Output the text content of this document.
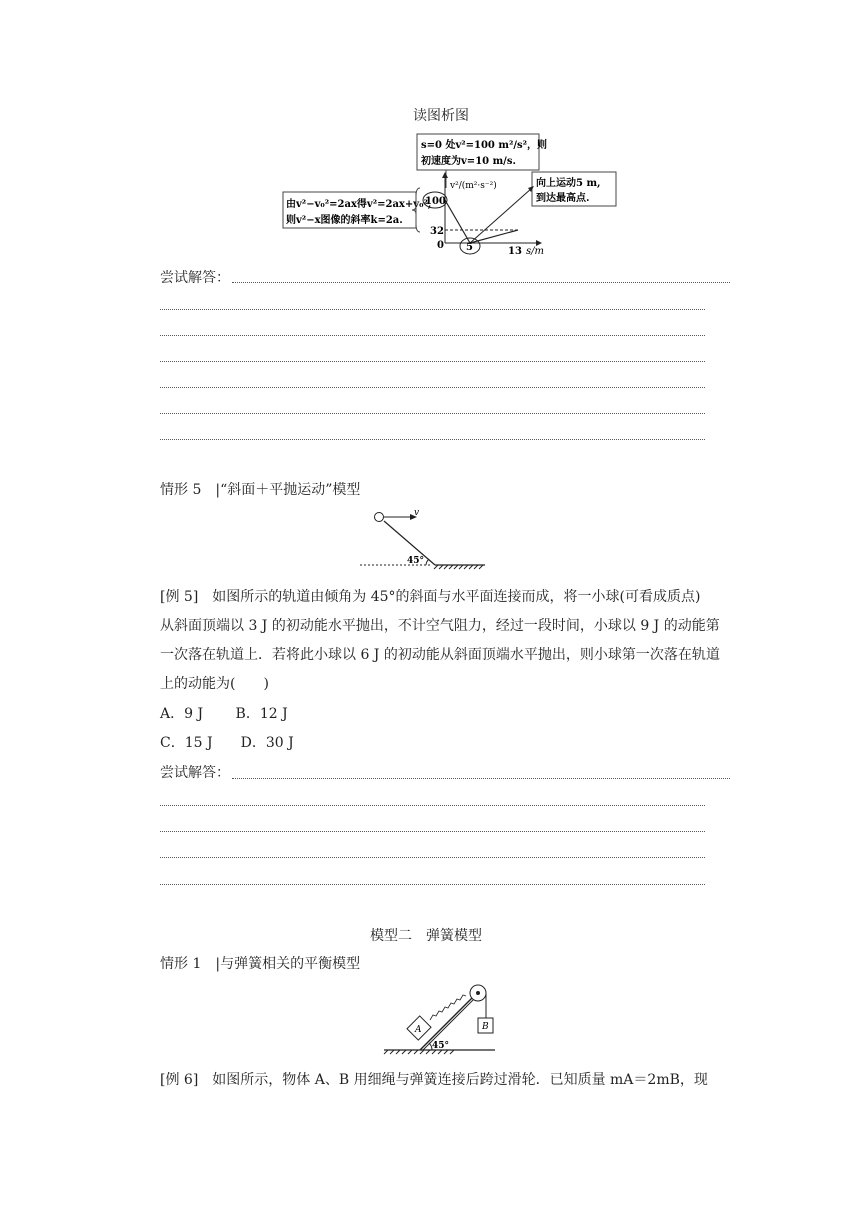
读图析图
s=0 处v²=100 m²/s²，则
初速度为v=10 m/s.
由v²−v₀²=2ax得v²=2ax+v₀²,
则v²−x图像的斜率k=2a.
向上运动5 m,
到达最高点.
v²/(m²·s⁻²)
s/m
100
32
0 5	13
尝试解答：
情形 5　|“斜面＋平抛运动”模型
v
45°
[例 5]　如图所示的轨道由倾角为 45°的斜面与水平面连接而成，将一小球(可看成质点)
从斜面顶端以 3 J 的初动能水平抛出，不计空气阻力，经过一段时间，小球以 9 J 的动能第
一次落在轨道上．若将此小球以 6 J 的初动能从斜面顶端水平抛出，则小球第一次落在轨道
上的动能为(　　)
A．9 J　　 B．12 J
C．15 J　　D．30 J
尝试解答：
模型二　弹簧模型
情形 1　|与弹簧相关的平衡模型
A	B
45°
[例 6]　如图所示，物体 A、B 用细绳与弹簧连接后跨过滑轮．已知质量 mA＝2mB，现
